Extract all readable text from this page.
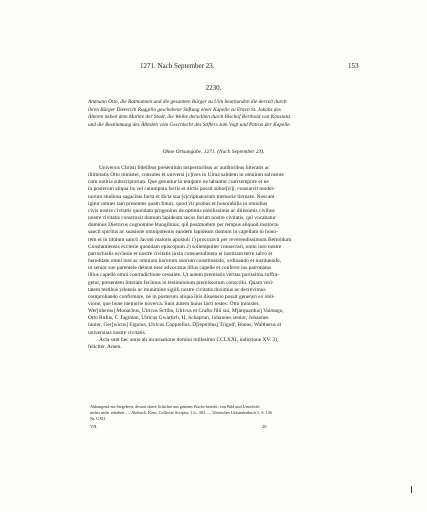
1271. Nach September 23.	153
2230.
Ammann Otto, die Ratmannen und die gesamten Bürger zu Ulm beurkunden die derzeit durch
ihren Bürger Dieterich Ruggilin geschehene Stiftung einer Kapelle zu Ehren St. Jakobs des
Älteren neben dem Markte der Stadt, die Weihe derselben durch Bischof Berthold von Konstanz
und die Bestimmung des Ältesten vom Geschlecht des Stifters zum Vogt und Patron der Kapelle.
Ohne Ortsangabe. 1271. (Nach September 23).
Universis Christi fidelibus presentium inspectoribus ac auditoribus litteratis ac
illitteratis Otto minister, consules et universi [c]ives in Ulma salutem in omnium salvatore
cum notitia subscriptorum. Que geruntur in tempore ne labantur cum tempore et ne
in posterum aliqua lis vel calumpnia factis et dictis possit subor[ir]i, consuevit moder-
norum studiosa sagacitas facta et dicta sua [s]criptuararum memorie tiernare. Noscant
igitur omnes tam presentes quam futuri, quod vir probus et honorabilis in omnibus
civis nostre civitatis quondam progenitus de optimis nobilissimis ac ditissimis civibus
nostre civitatis construxit domum lapideam secus forum nostre civitatis, qui vocabatur
dominus Dietricus cognomine Ruogilinus, qui postmodum per tempus aliquod instinctu
sancti spiritus ac suasione omnipotentis eandem lapideam domum in capellam in hono-
rem et in titulum sancti Jacobi maioris apostoli 1) procuravit per reverendissimum Bertoldum
Constantiensis ecclesie quondam episcopum 2) sollempniter consecrari, omni iure nostre
parrochialis ecclesie et nostre civitatis iuxta consuetudinem et iustitiam terre salvo et
hereditate omni iure ac omnium karorum suorum constituendo, ordinando et instituendo,
ut senior sue parentele debeat esse advocatus illius capelle et conferre ius patronatus
illius capelle omni contradictione cessante. Ut autem premissis veritas purissima suffra-
getur, presentem litteram fecimus in testimonium premissorum conscribi. Quam veri-
tatem testibus ydoneis ac munimine sigilli nostre civitatis duximus ac decrevimus
comprobando confirmare, ne in posterum aliqua litis dissensio possit generari ex obli-
vione, que bone memorie noverca. Sunt autem huius facti testes: Otto minister,
Wer[nherus] Monachus, Ulricus Scriba, Ulricus et Crafto filii sui, M[arquardus] Vaimago,
Otto Rufus, C Tagiman, Ulricus Gwarlich, H. Schaprun, Johannes senior, Johannes
iunior, Ger[wicus] Figulus, Ulricus Copprellus, D[iepoldus] Trigolf, Bonus, Waltherus et
universitas nostre civitatis.
Acta sunt hec anno ab incarnatione domini millesimo CCLXXI, indictione XV. 3),
feliciter. Amen.
Abhangend ein Siegelrest, dessen obere Schichte aus grünem Wachs besteht; von Bild und Umschrift
nichts mehr erhalten. — Abdruck: Kern, Collectio Scriptor. 1 b., 303. — Ulmisches Urkundenbuch 1, S. 136
Nr. CXII.
VII.	20
